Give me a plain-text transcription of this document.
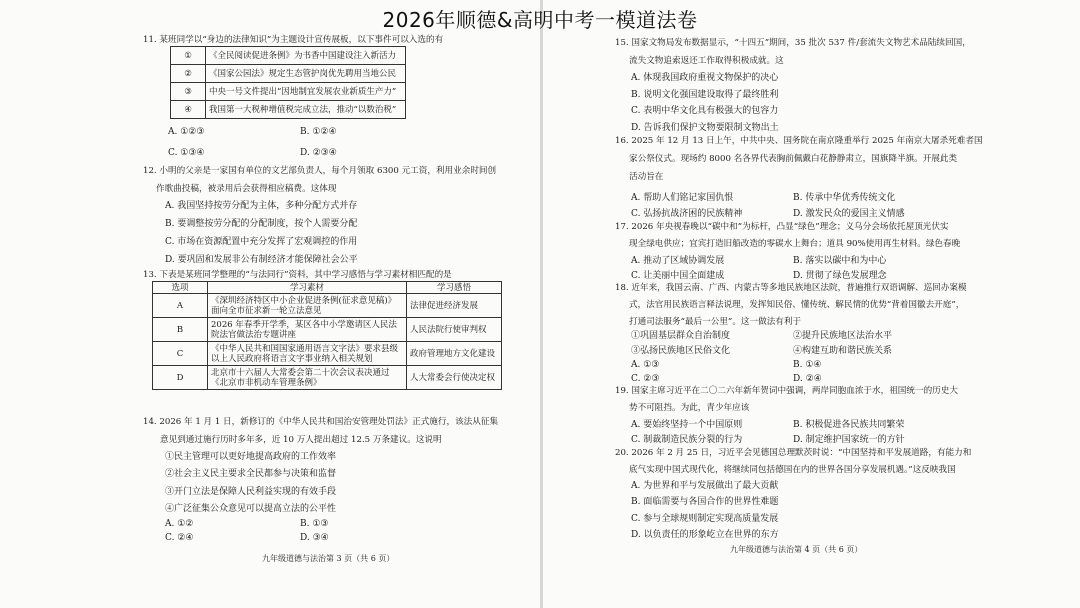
2026年顺德&高明中考一模道法卷
11. 某班同学以“身边的法律知识”为主题设计宣传展板，以下事件可以入选的有
①	《全民阅读促进条例》为书香中国建设注入新活力
②	《国家公园法》规定生态管护岗优先聘用当地公民
③	中央一号文件提出“因地制宜发展农业新质生产力”
④	我国第一大税种增值税完成立法，推动“以数治税”
A. ①②③	B. ①②④
C. ①③④	D. ②③④
12. 小明的父亲是一家国有单位的文艺部负责人，每个月领取 6300 元工资，利用业余时间创
作歌曲投稿，被录用后会获得相应稿费。这体现
A. 我国坚持按劳分配为主体，多种分配方式并存
B. 要调整按劳分配的分配制度，按个人需要分配
C. 市场在资源配置中充分发挥了宏观调控的作用
D. 要巩固和发展非公有制经济才能保障社会公平
13. 下表是某班同学整理的“与法同行”资料，其中学习感悟与学习素材相匹配的是
选项	学习素材	学习感悟
A	《深圳经济特区中小企业促进条例(征求意见稿)》
面向全市征求新一轮立法意见	法律促进经济发展
B	2026 年春季开学季，某区各中小学邀请区人民法
院法官做法治专题讲座	人民法院行使审判权
C	《中华人民共和国国家通用语言文字法》要求县级
以上人民政府将语言文字事业纳入相关规划	政府管理地方文化建设
D	北京市十六届人大常委会第二十次会议表决通过
《北京市非机动车管理条例》	人大常委会行使决定权
14. 2026 年 1 月 1 日，新修订的《中华人民共和国治安管理处罚法》正式施行，该法从征集
意见到通过施行历时多年多，近 10 万人提出超过 12.5 万条建议。这说明
①民主管理可以更好地提高政府的工作效率
②社会主义民主要求全民都参与决策和监督
③开门立法是保障人民利益实现的有效手段
④广泛征集公众意见可以提高立法的公平性
A. ①②	B. ①③
C. ②④	D. ③④
九年级道德与法治第 3 页（共 6 页）
15. 国家文物局发布数据显示，“十四五”期间，35 批次 537 件/套流失文物艺术品陆续回国，
流失文物追索返还工作取得积极成就。这
A. 体现我国政府重视文物保护的决心
B. 说明文化强国建设取得了最终胜利
C. 表明中华文化具有极强大的包容力
D. 告诉我们保护文物要限制文物出土
16. 2025 年 12 月 13 日上午，中共中央、国务院在南京隆重举行 2025 年南京大屠杀死难者国
家公祭仪式。现场约 8000 名各界代表胸前佩戴白花静静肃立，国旗降半旗。开展此类
活动旨在
A. 帮助人们铭记家国仇恨	B. 传承中华优秀传统文化
C. 弘扬抗战济困的民族精神	D. 激发民众的爱国主义情感
17. 2026 年央视春晚以“碳中和”为标杆，凸显“绿色”理念；义乌分会场依托屋顶光伏实
现全绿电供应；宜宾打造旧船改造的零碳水上舞台；道具 90%使用再生材料。绿色春晚
A. 推动了区域协调发展	B. 落实以碳中和为中心
C. 让美丽中国全面建成	D. 贯彻了绿色发展理念
18. 近年来，我国云南、广西、内蒙古等多地民族地区法院，普遍推行双语调解、巡回办案模
式，法官用民族语言释法说理，发挥知民俗、懂传统、解民情的优势“背着国徽去开庭”，
打通司法服务“最后一公里”。这一做法有利于
①巩固基层群众自治制度	②提升民族地区法治水平
③弘扬民族地区民俗文化	④构建互助和谐民族关系
A. ①③	B. ①④
C. ②③	D. ②④
19. 国家主席习近平在二〇二六年新年贺词中强调，两岸同胞血浓于水，祖国统一的历史大
势不可阻挡。为此，青少年应该
A. 要始终坚持一个中国原则	B. 积极促进各民族共同繁荣
C. 制裁制造民族分裂的行为	D. 制定维护国家统一的方针
20. 2026 年 2 月 25 日，习近平会见德国总理默茨时说：“中国坚持和平发展道路，有能力和
底气实现中国式现代化，将继续同包括德国在内的世界各国分享发展机遇。”这反映我国
A. 为世界和平与发展做出了最大贡献
B. 面临需要与各国合作的世界性难题
C. 参与全球规则制定实现高质量发展
D. 以负责任的形象屹立在世界的东方
九年级道德与法治第 4 页（共 6 页）
